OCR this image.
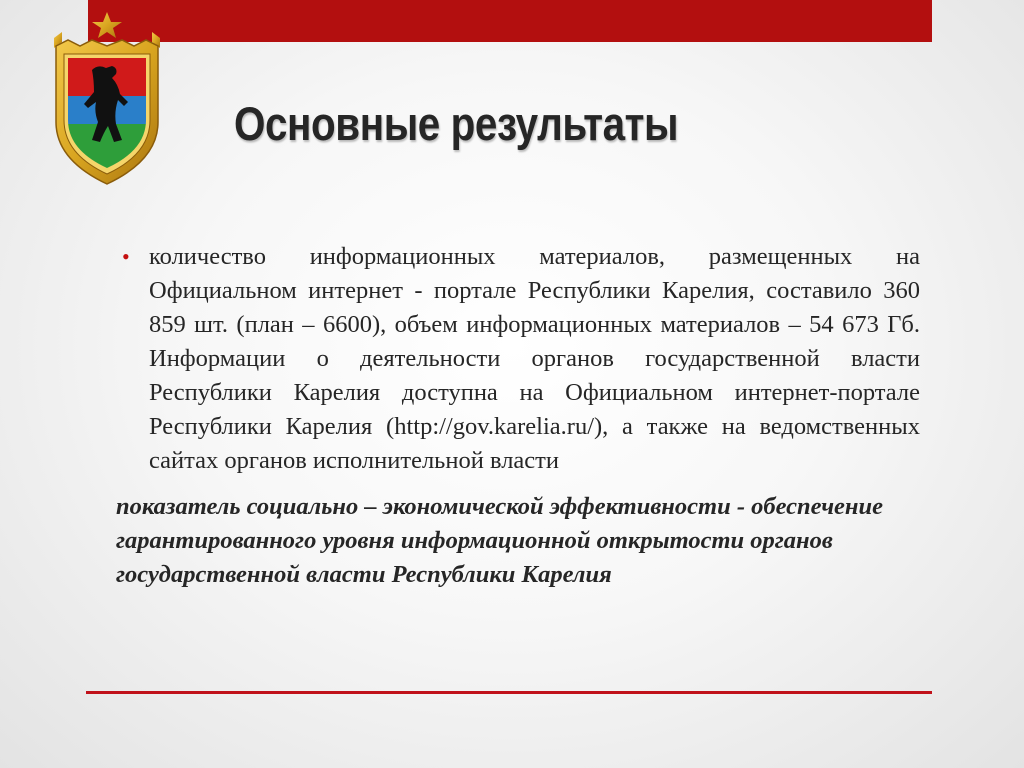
Основные результаты
• количество информационных материалов, размещенных на Официальном интернет - портале Республики Карелия, составило 360 859 шт. (план – 6600), объем информационных материалов – 54 673 Гб. Информации о деятельности органов государственной власти Республики Карелия доступна на Официальном интернет-портале Республики Карелия (http://gov.karelia.ru/), а также на ведомственных сайтах органов исполнительной власти

показатель социально – экономической эффективности - обеспечение гарантированного уровня информационной открытости органов государственной власти Республики Карелия
